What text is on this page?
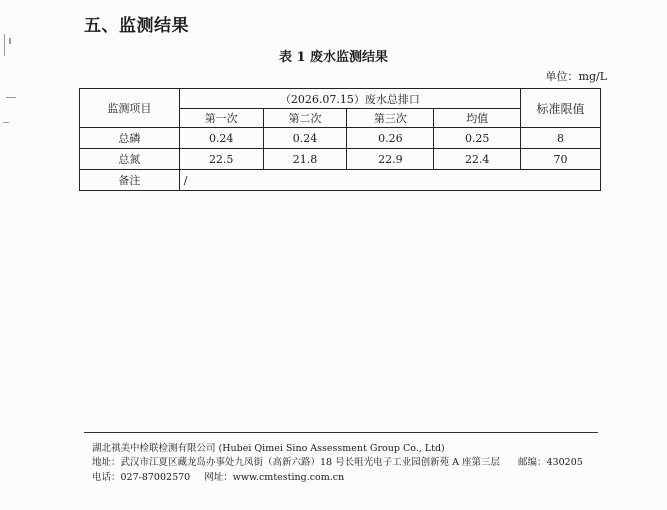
五、监测结果
表 1 废水监测结果
单位：mg/L
监测项目	（2026.07.15）废水总排口				标准限值
	第一次	第二次	第三次	均值	
总磷	0.24	0.24	0.26	0.25	8
总氮	22.5	21.8	22.9	22.4	70
备注	/				
湖北祺美中检联检测有限公司 (Hubei Qimei Sino Assessment Group Co., Ltd)
地址：武汉市江夏区藏龙岛办事处九凤街（高新六路）18 号长咀光电子工业园创新苑 A 座第三层 邮编：430205
电话：027-87002570 网址：www.cmtesting.com.cn
